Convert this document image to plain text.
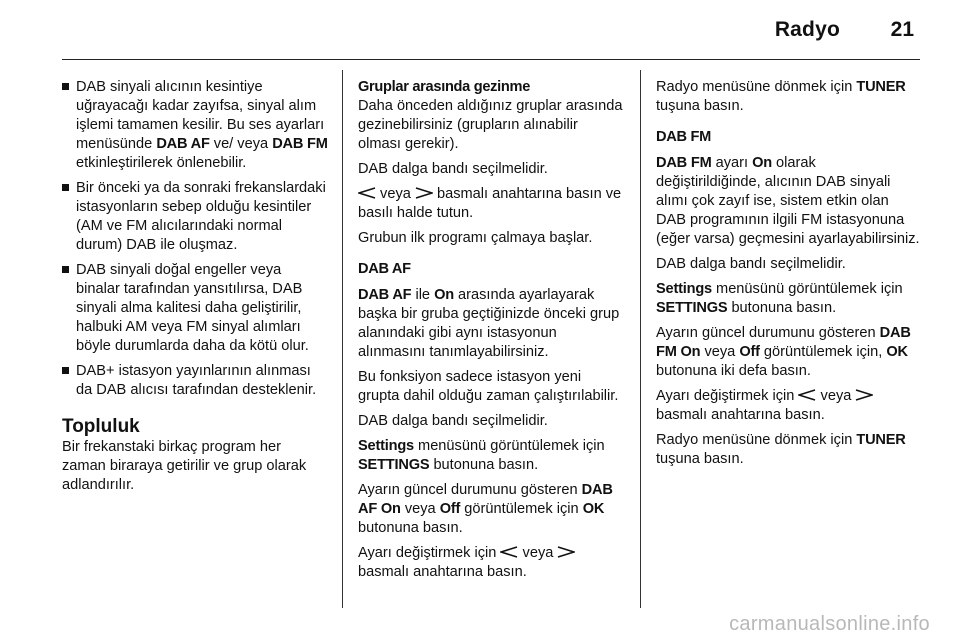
Radyo 21
DAB sinyali alıcının kesintiye uğrayacağı kadar zayıfsa, sinyal alım işlemi tamamen kesilir. Bu ses ayarları menüsünde DAB AF ve/ veya DAB FM etkinleştirilerek önlenebilir.
Bir önceki ya da sonraki frekanslardaki istasyonların sebep olduğu kesintiler (AM ve FM alıcılarındaki normal durum) DAB ile oluşmaz.
DAB sinyali doğal engeller veya binalar tarafından yansıtılırsa, DAB sinyali alma kalitesi daha geliştirilir, halbuki AM veya FM sinyal alımları böyle durumlarda daha da kötü olur.
DAB+ istasyon yayınlarının alınması da DAB alıcısı tarafından desteklenir.
Topluluk

Bir frekanstaki birkaç program her zaman biraraya getirilir ve grup olarak adlandırılır.

Gruplar arasında gezinme

Daha önceden aldığınız gruplar arasında gezinebilirsiniz (grupların alınabilir olması gerekir).

DAB dalga bandı seçilmelidir.

veya
basmalı anahtarına basın ve basılı halde tutun.

Grubun ilk programı çalmaya başlar.

DAB AF

DAB AF ile On arasında ayarlayarak başka bir gruba geçtiğinizde önceki grup alanındaki gibi aynı istasyonun alınmasını tanımlayabilirsiniz.

Bu fonksiyon sadece istasyon yeni grupta dahil olduğu zaman çalıştırılabilir.

DAB dalga bandı seçilmelidir.

Settings menüsünü görüntülemek için SETTINGS butonuna basın.

Ayarın güncel durumunu gösteren DAB AF On veya Off görüntülemek için OK butonuna basın.

Ayarı değiştirmek için
veya
basmalı anahtarına basın.

Radyo menüsüne dönmek için TUNER tuşuna basın.

DAB FM

DAB FM ayarı On olarak değiştirildiğinde, alıcının DAB sinyali alımı çok zayıf ise, sistem etkin olan DAB programının ilgili FM istasyonuna (eğer varsa) geçmesini ayarlayabilirsiniz.

DAB dalga bandı seçilmelidir.

Settings menüsünü görüntülemek için SETTINGS butonuna basın.

Ayarın güncel durumunu gösteren DAB FM On veya Off görüntülemek için, OK butonuna iki defa basın.

Ayarı değiştirmek için
veya

basmalı anahtarına basın.

Radyo menüsüne dönmek için TUNER tuşuna basın.

carmanualsonline.info
